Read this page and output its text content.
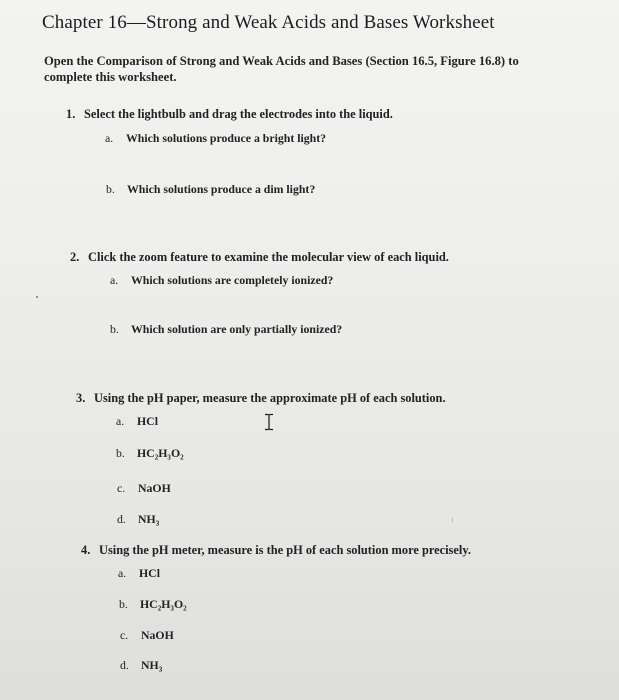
Chapter 16—Strong and Weak Acids and Bases Worksheet
Open the Comparison of Strong and Weak Acids and Bases (Section 16.5, Figure 16.8) to complete this worksheet.
1. Select the lightbulb and drag the electrodes into the liquid.
a. Which solutions produce a bright light?
b. Which solutions produce a dim light?
2. Click the zoom feature to examine the molecular view of each liquid.
a. Which solutions are completely ionized?
b. Which solution are only partially ionized?
3. Using the pH paper, measure the approximate pH of each solution.
a. HCl
b. HC₂H₃O₂
c. NaOH
d. NH₃
4. Using the pH meter, measure is the pH of each solution more precisely.
a. HCl
b. HC₂H₃O₂
c. NaOH
d. NH₃
